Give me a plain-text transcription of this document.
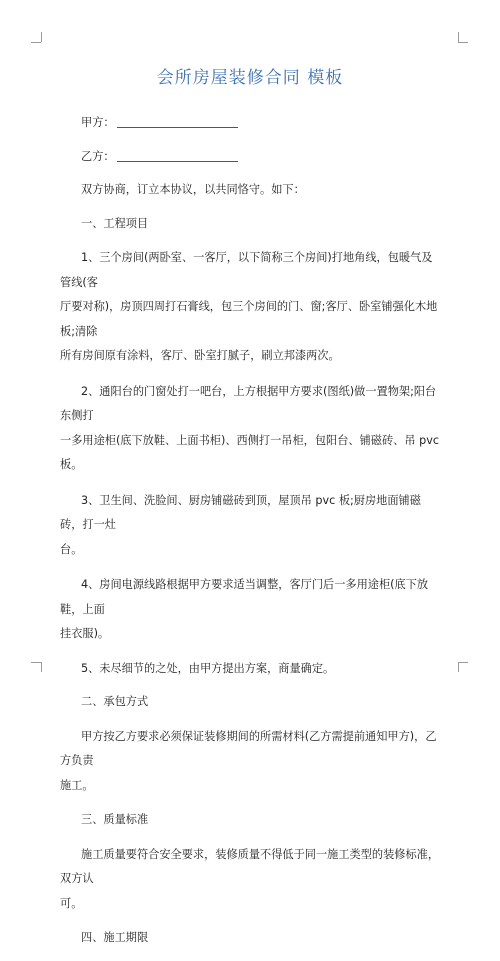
会所房屋装修合同 模板
甲方：
乙方：
双方协商，订立本协议，以共同恪守。如下：
一、工程项目
1、三个房间(两卧室、一客厅，以下简称三个房间)打地角线，包暖气及管线(客
厅要对称)，房顶四周打石膏线，包三个房间的门、窗;客厅、卧室铺强化木地板;清除
所有房间原有涂料，客厅、卧室打腻子，刷立邦漆两次。
2、通阳台的门窗处打一吧台，上方根据甲方要求(图纸)做一置物架;阳台东侧打
一多用途柜(底下放鞋、上面书柜)、西侧打一吊柜，包阳台、铺磁砖、吊 pvc 板。
3、卫生间、洗脸间、厨房铺磁砖到顶，屋顶吊 pvc 板;厨房地面铺磁砖，打一灶
台。
4、房间电源线路根据甲方要求适当调整，客厅门后一多用途柜(底下放鞋，上面
挂衣服)。
5、未尽细节的之处，由甲方提出方案，商量确定。
二、承包方式
甲方按乙方要求必须保证装修期间的所需材料(乙方需提前通知甲方)，乙方负责
施工。
三、质量标准
施工质量要符合安全要求，装修质量不得低于同一施工类型的装修标准，双方认
可。
四、施工期限
